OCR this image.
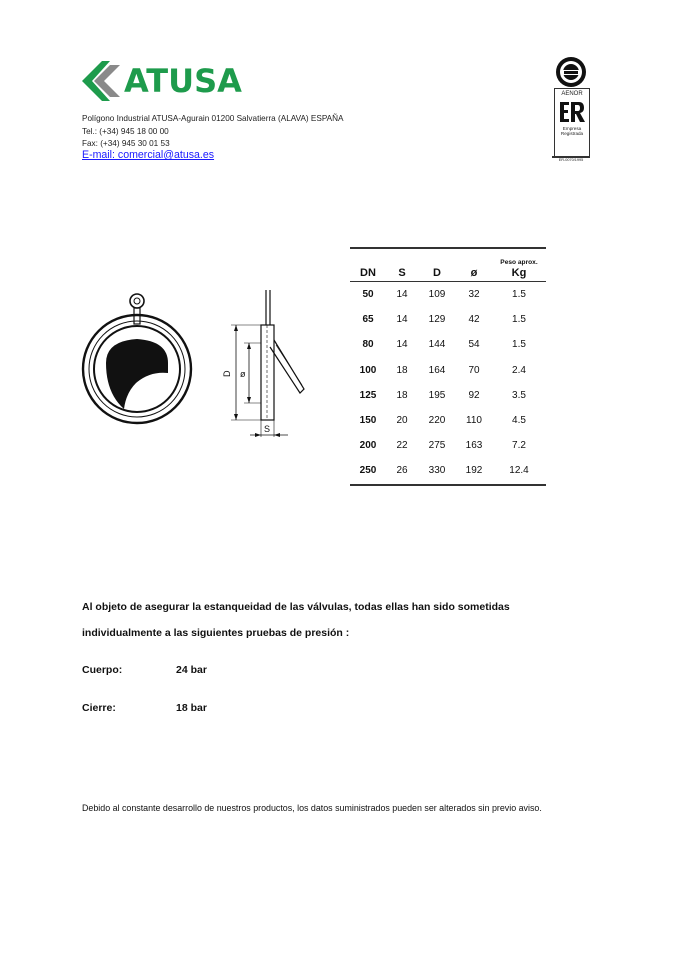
ATUSA
Polígono Industrial ATUSA-Agurain 01200 Salvatierra (ALAVA) ESPAÑA
Tel.: (+34) 945 18 00 00
Fax: (+34) 945 30 01 53
E-mail: comercial@atusa.es
AENOR
Empresa
Registrada
ER-0070/1995
D ø
S
DN	S	D	ø	Peso aprox.
Kg
50	14	109	32	1.5
65	14	129	42	1.5
80	14	144	54	1.5
100	18	164	70	2.4
125	18	195	92	3.5
150	20	220	110	4.5
200	22	275	163	7.2
250	26	330	192	12.4
Al objeto de asegurar la estanqueidad de las válvulas, todas ellas han sido sometidas
individualmente a las siguientes pruebas de presión :
Cuerpo:	24 bar
Cierre:	18 bar
Debido al constante desarrollo de nuestros productos, los datos suministrados pueden ser alterados sin previo aviso.
